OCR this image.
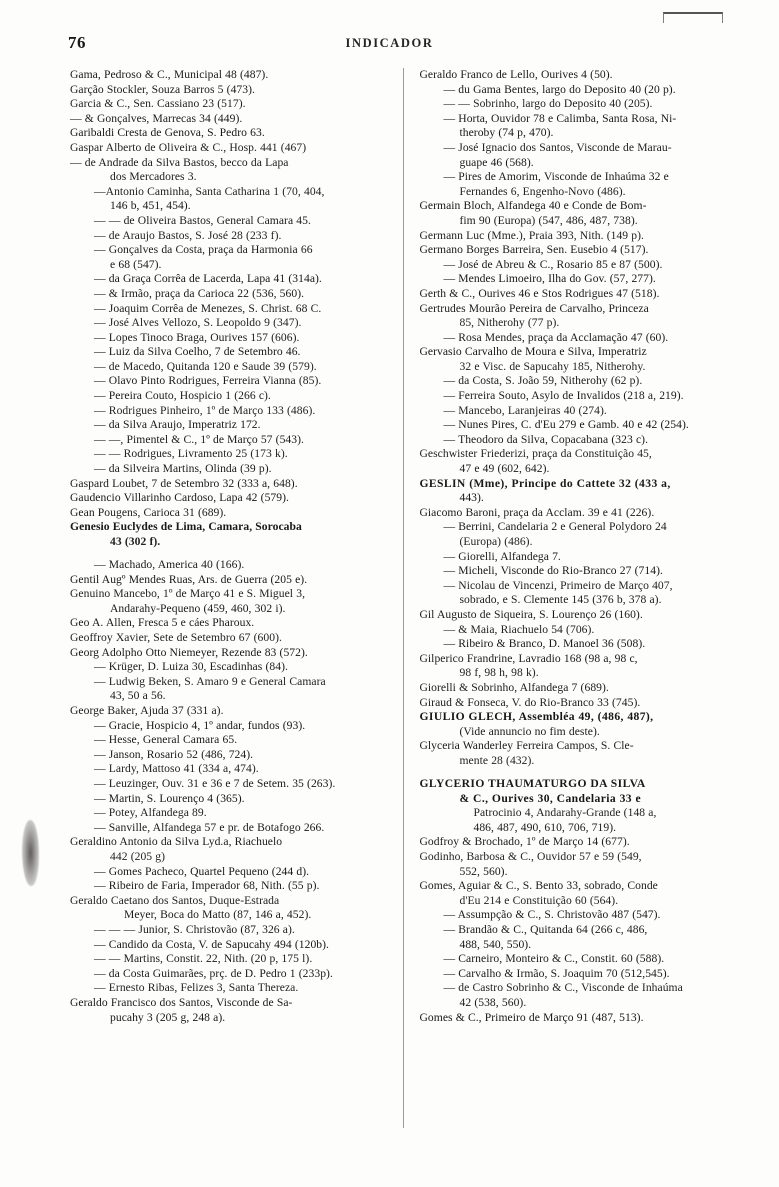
76	INDICADOR

Gama, Pedroso & C., Municipal 48 (487).

Garção Stockler, Souza Barros 5 (473).

Garcia & C., Sen. Cassiano 23 (517).

— & Gonçalves, Marrecas 34 (449).

Garibaldi Cresta de Genova, S. Pedro 63.

Gaspar Alberto de Oliveira & C., Hosp. 441 (467)

— de Andrade da Silva Bastos, becco da Lapa

dos Mercadores 3.

—Antonio Caminha, Santa Catharina 1 (70, 404,

146 b, 451, 454).

— — de Oliveira Bastos, General Camara 45.

— de Araujo Bastos, S. José 28 (233 f).

— Gonçalves da Costa, praça da Harmonia 66

e 68 (547).

— da Graça Corrêa de Lacerda, Lapa 41 (314a).

— & Irmão, praça da Carioca 22 (536, 560).

— Joaquim Corrêa de Menezes, S. Christ. 68 C.

— José Alves Vellozo, S. Leopoldo 9 (347).

— Lopes Tinoco Braga, Ourives 157 (606).

— Luiz da Silva Coelho, 7 de Setembro 46.

— de Macedo, Quitanda 120 e Saude 39 (579).

— Olavo Pinto Rodrigues, Ferreira Vianna (85).

— Pereira Couto, Hospicio 1 (266 c).

— Rodrigues Pinheiro, 1º de Março 133 (486).

— da Silva Araujo, Imperatriz 172.

— —, Pimentel & C., 1º de Março 57 (543).

— — Rodrigues, Livramento 25 (173 k).

— da Silveira Martins, Olinda (39 p).

Gaspard Loubet, 7 de Setembro 32 (333 a, 648).

Gaudencio Villarinho Cardoso, Lapa 42 (579).

Gean Pougens, Carioca 31 (689).

Genesio Euclydes de Lima, Camara, Sorocaba

43 (302 f).

— Machado, America 40 (166).

Gentil Augº Mendes Ruas, Ars. de Guerra (205 e).

Genuino Mancebo, 1º de Março 41 e S. Miguel 3,

Andarahy-Pequeno (459, 460, 302 i).

Geo A. Allen, Fresca 5 e cáes Pharoux.

Geoffroy Xavier, Sete de Setembro 67 (600).

Georg Adolpho Otto Niemeyer, Rezende 83 (572).

— Krüger, D. Luiza 30, Escadinhas (84).

— Ludwig Beken, S. Amaro 9 e General Camara

43, 50 a 56.

George Baker, Ajuda 37 (331 a).

— Gracie, Hospicio 4, 1º andar, fundos (93).

— Hesse, General Camara 65.

— Janson, Rosario 52 (486, 724).

— Lardy, Mattoso 41 (334 a, 474).

— Leuzinger, Ouv. 31 e 36 e 7 de Setem. 35 (263).

— Martin, S. Lourenço 4 (365).

— Potey, Alfandega 89.

— Sanville, Alfandega 57 e pr. de Botafogo 266.

Geraldino Antonio da Silva Lyd.a, Riachuelo

442 (205 g)

— Gomes Pacheco, Quartel Pequeno (244 d).

— Ribeiro de Faria, Imperador 68, Nith. (55 p).

Geraldo Caetano dos Santos, Duque-Estrada

Meyer, Boca do Matto (87, 146 a, 452).

— — — Junior, S. Christovão (87, 326 a).

— Candido da Costa, V. de Sapucahy 494 (120b).

— — Martins, Constit. 22, Nith. (20 p, 175 l).

— da Costa Guimarães, prç. de D. Pedro 1 (233p).

— Ernesto Ribas, Felizes 3, Santa Thereza.

Geraldo Francisco dos Santos, Visconde de Sa-

pucahy 3 (205 g, 248 a).

Geraldo Franco de Lello, Ourives 4 (50).

— du Gama Bentes, largo do Deposito 40 (20 p).

— — Sobrinho, largo do Deposito 40 (205).

— Horta, Ouvidor 78 e Calimba, Santa Rosa, Ni-

theroby (74 p, 470).

— José Ignacio dos Santos, Visconde de Marau-

guape 46 (568).

— Pires de Amorim, Visconde de Inhaúma 32 e

Fernandes 6, Engenho-Novo (486).

Germain Bloch, Alfandega 40 e Conde de Bom-

fim 90 (Europa) (547, 486, 487, 738).

Germann Luc (Mme.), Praia 393, Nith. (149 p).

Germano Borges Barreira, Sen. Eusebio 4 (517).

— José de Abreu & C., Rosario 85 e 87 (500).

— Mendes Limoeiro, Ilha do Gov. (57, 277).

Gerth & C., Ourives 46 e Stos Rodrigues 47 (518).

Gertrudes Mourão Pereira de Carvalho, Princeza

85, Nitherohy (77 p).

— Rosa Mendes, praça da Acclamação 47 (60).

Gervasio Carvalho de Moura e Silva, Imperatriz

32 e Visc. de Sapucahy 185, Nitherohy.

— da Costa, S. João 59, Nitherohy (62 p).

— Ferreira Souto, Asylo de Invalidos (218 a, 219).

— Mancebo, Laranjeiras 40 (274).

— Nunes Pires, C. d'Eu 279 e Gamb. 40 e 42 (254).

— Theodoro da Silva, Copacabana (323 c).

Geschwister Friederizi, praça da Constituição 45,

47 e 49 (602, 642).

GESLIN (Mme), Principe do Cattete 32 (433 a,

443).

Giacomo Baroni, praça da Acclam. 39 e 41 (226).

— Berrini, Candelaria 2 e General Polydoro 24

(Europa) (486).

— Giorelli, Alfandega 7.

— Micheli, Visconde do Rio-Branco 27 (714).

— Nicolau de Vincenzi, Primeiro de Março 407,

sobrado, e S. Clemente 145 (376 b, 378 a).

Gil Augusto de Siqueira, S. Lourenço 26 (160).

— & Maia, Riachuelo 54 (706).

— Ribeiro & Branco, D. Manoel 36 (508).

Gilperico Frandrine, Lavradio 168 (98 a, 98 c,

98 f, 98 h, 98 k).

Giorelli & Sobrinho, Alfandega 7 (689).

Giraud & Fonseca, V. do Rio-Branco 33 (745).

GIULIO GLECH, Assembléa 49, (486, 487),

(Vide annuncio no fim deste).

Glyceria Wanderley Ferreira Campos, S. Cle-

mente 28 (432).

GLYCERIO THAUMATURGO DA SILVA

& C., Ourives 30, Candelaria 33 e

Patrocinio 4, Andarahy-Grande (148 a,

486, 487, 490, 610, 706, 719).

Godfroy & Brochado, 1º de Março 14 (677).

Godinho, Barbosa & C., Ouvidor 57 e 59 (549,

552, 560).

Gomes, Aguiar & C., S. Bento 33, sobrado, Conde

d'Eu 214 e Constituição 60 (564).

— Assumpção & C., S. Christovão 487 (547).

— Brandão & C., Quitanda 64 (266 c, 486,

488, 540, 550).

— Carneiro, Monteiro & C., Constit. 60 (588).

— Carvalho & Irmão, S. Joaquim 70 (512,545).

— de Castro Sobrinho & C., Visconde de Inhaúma

42 (538, 560).

Gomes & C., Primeiro de Março 91 (487, 513).
